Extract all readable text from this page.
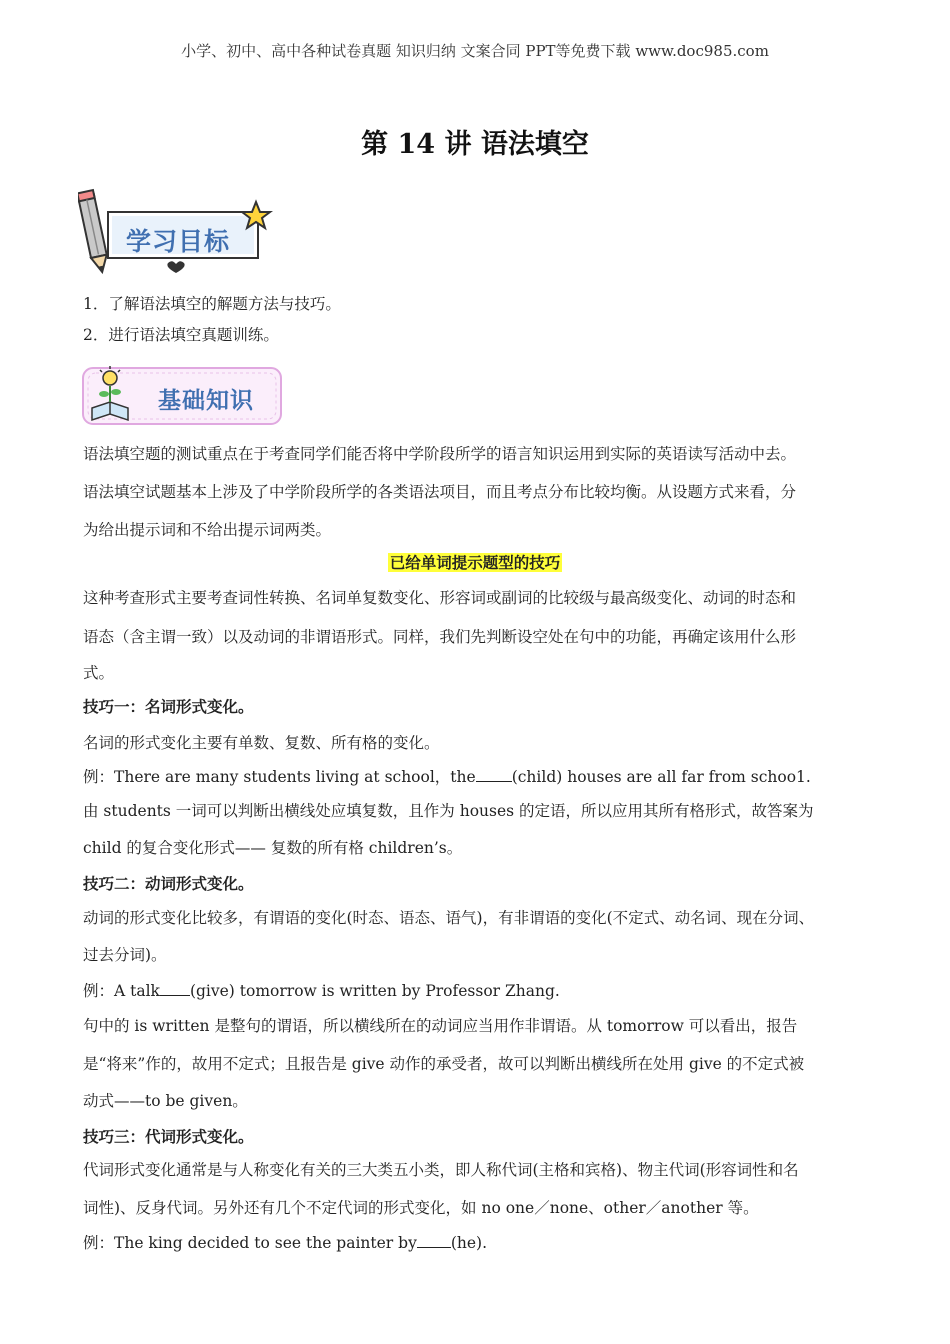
小学、初中、高中各种试卷真题 知识归纳 文案合同 PPT等免费下载 www.doc985.com
第 14 讲 语法填空
学习目标
1．了解语法填空的解题方法与技巧。
2．进行语法填空真题训练。
基础知识
语法填空题的测试重点在于考查同学们能否将中学阶段所学的语言知识运用到实际的英语读写活动中去。
语法填空试题基本上涉及了中学阶段所学的各类语法项目，而且考点分布比较均衡。从设题方式来看，分
为给出提示词和不给出提示词两类。
已给单词提示题型的技巧
这种考查形式主要考查词性转换、名词单复数变化、形容词或副词的比较级与最高级变化、动词的时态和
语态（含主谓一致）以及动词的非谓语形式。同样，我们先判断设空处在句中的功能，再确定该用什么形
式。
技巧一：名词形式变化。
名词的形式变化主要有单数、复数、所有格的变化。
例：There are many students living at school，the (child) houses are all far from schoo1.
由 students 一词可以判断出横线处应填复数，且作为 houses 的定语，所以应用其所有格形式，故答案为
child 的复合变化形式—— 复数的所有格 children’s。
技巧二：动词形式变化。
动词的形式变化比较多，有谓语的变化(时态、语态、语气)，有非谓语的变化(不定式、动名词、现在分词、
过去分词)。
例：A talk (give) tomorrow is written by Professor Zhang.
句中的 is written 是整句的谓语，所以横线所在的动词应当用作非谓语。从 tomorrow 可以看出，报告
是“将来”作的，故用不定式；且报告是 give 动作的承受者，故可以判断出横线所在处用 give 的不定式被
动式——to be given。
技巧三：代词形式变化。
代词形式变化通常是与人称变化有关的三大类五小类，即人称代词(主格和宾格)、物主代词(形容词性和名
词性)、反身代词。另外还有几个不定代词的形式变化，如 no one／none、other／another 等。
例：The king decided to see the painter by (he).
